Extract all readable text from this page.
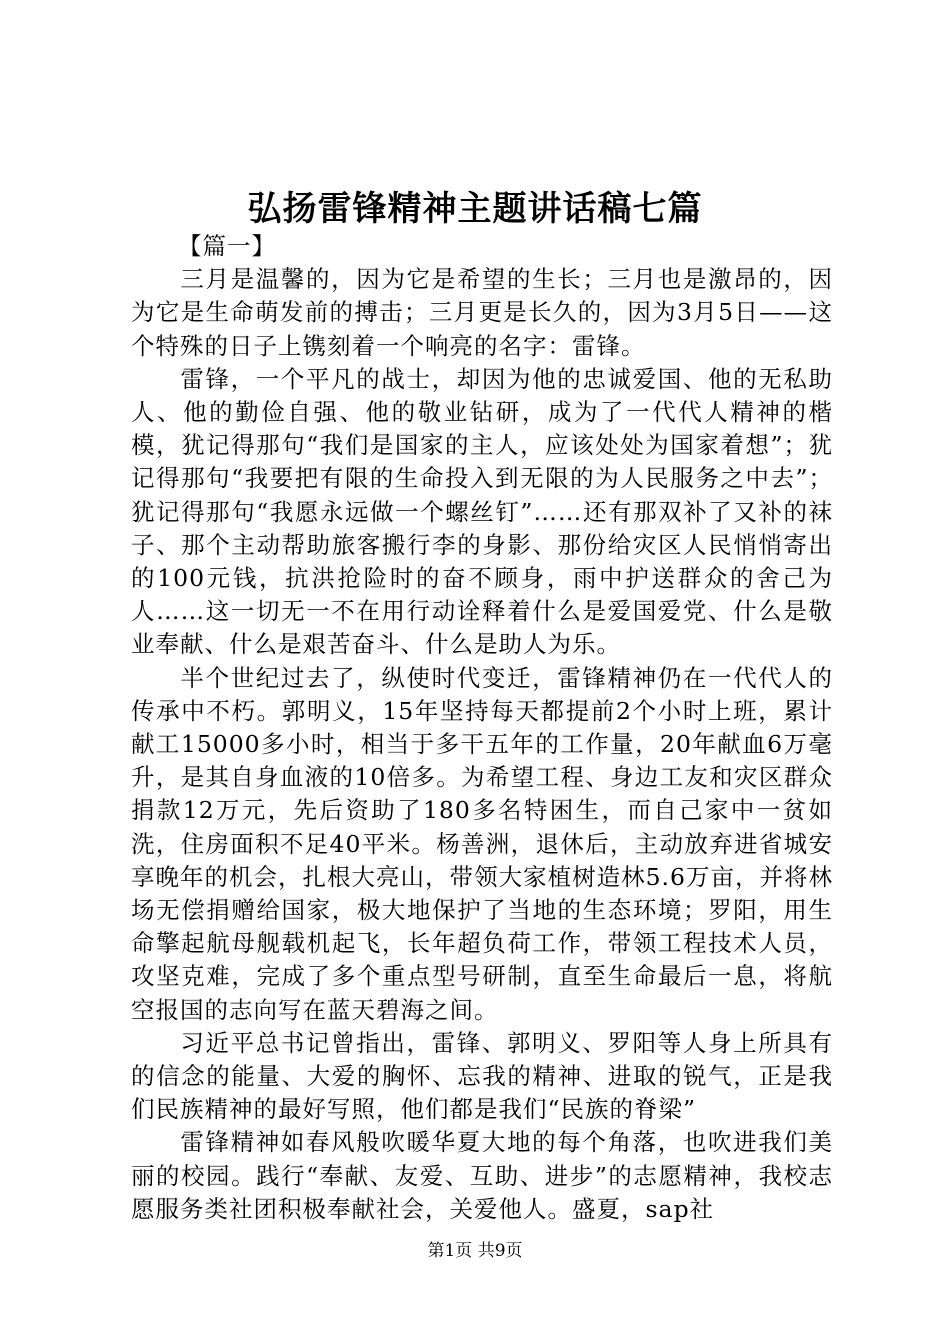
弘扬雷锋精神主题讲话稿七篇

【篇一】

三月是温馨的，因为它是希望的生长；三月也是激昂的，因为它是生命萌发前的搏击；三月更是长久的，因为3月5日——这个特殊的日子上镌刻着一个响亮的名字：雷锋。

雷锋，一个平凡的战士，却因为他的忠诚爱国、他的无私助人、他的勤俭自强、他的敬业钻研，成为了一代代人精神的楷模，犹记得那句“我们是国家的主人，应该处处为国家着想”；犹记得那句“我要把有限的生命投入到无限的为人民服务之中去”；犹记得那句“我愿永远做一个螺丝钉”……还有那双补了又补的袜子、那个主动帮助旅客搬行李的身影、那份给灾区人民悄悄寄出的100元钱，抗洪抢险时的奋不顾身，雨中护送群众的舍己为人……这一切无一不在用行动诠释着什么是爱国爱党、什么是敬业奉献、什么是艰苦奋斗、什么是助人为乐。

半个世纪过去了，纵使时代变迁，雷锋精神仍在一代代人的传承中不朽。郭明义，15年坚持每天都提前2个小时上班，累计献工15000多小时，相当于多干五年的工作量，20年献血6万毫升，是其自身血液的10倍多。为希望工程、身边工友和灾区群众捐款12万元，先后资助了180多名特困生，而自己家中一贫如洗，住房面积不足40平米。杨善洲，退休后，主动放弃进省城安享晚年的机会，扎根大亮山，带领大家植树造林5.6万亩，并将林场无偿捐赠给国家，极大地保护了当地的生态环境；罗阳，用生命擎起航母舰载机起飞，长年超负荷工作，带领工程技术人员，攻坚克难，完成了多个重点型号研制，直至生命最后一息，将航空报国的志向写在蓝天碧海之间。

习近平总书记曾指出，雷锋、郭明义、罗阳等人身上所具有的信念的能量、大爱的胸怀、忘我的精神、进取的锐气，正是我们民族精神的最好写照，他们都是我们“民族的脊梁”

雷锋精神如春风般吹暖华夏大地的每个角落，也吹进我们美丽的校园。践行“奉献、友爱、互助、进步”的志愿精神，我校志愿服务类社团积极奉献社会，关爱他人。盛夏，sap社

第1页 共9页
